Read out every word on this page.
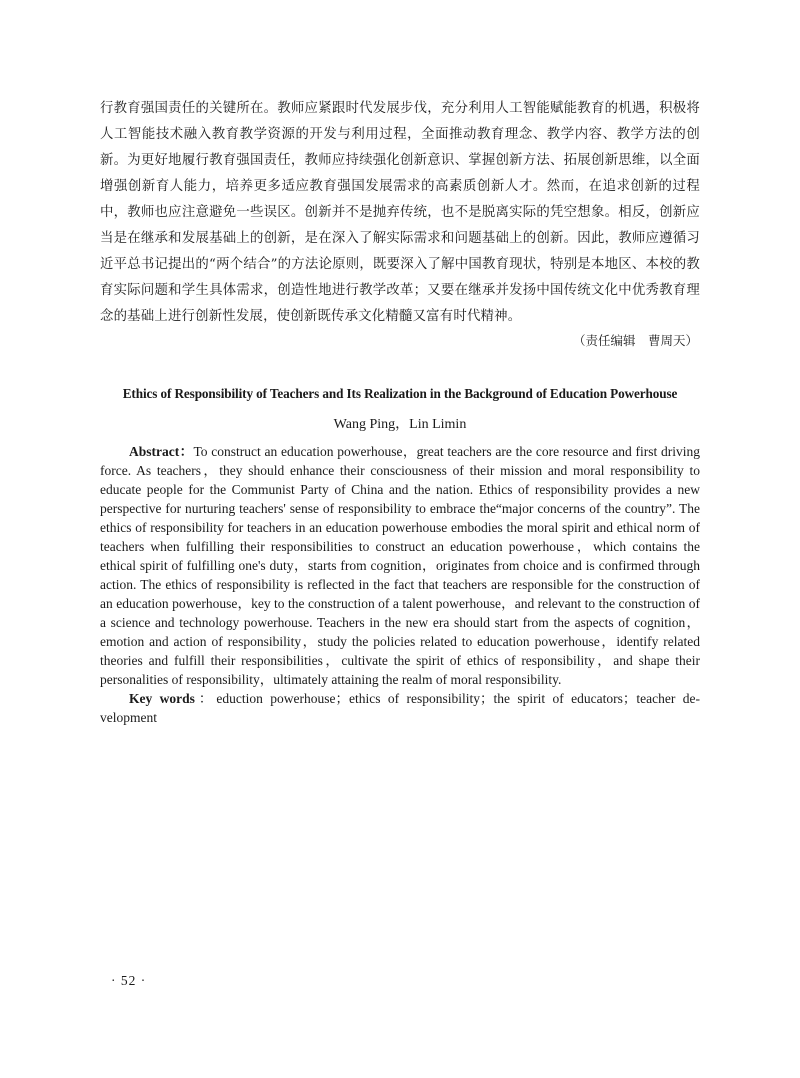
行教育强国责任的关键所在。教师应紧跟时代发展步伐，充分利用人工智能赋能教育的机遇，积极将人工智能技术融入教育教学资源的开发与利用过程，全面推动教育理念、教学内容、教学方法的创新。为更好地履行教育强国责任，教师应持续强化创新意识、掌握创新方法、拓展创新思维，以全面增强创新育人能力，培养更多适应教育强国发展需求的高素质创新人才。然而，在追求创新的过程中，教师也应注意避免一些误区。创新并不是抛弃传统，也不是脱离实际的凭空想象。相反，创新应当是在继承和发展基础上的创新，是在深入了解实际需求和问题基础上的创新。因此，教师应遵循习近平总书记提出的“两个结合”的方法论原则，既要深入了解中国教育现状，特别是本地区、本校的教育实际问题和学生具体需求，创造性地进行教学改革；又要在继承并发扬中国传统文化中优秀教育理念的基础上进行创新性发展，使创新既传承文化精髓又富有时代精神。

（责任编辑　曹周天）

Ethics of Responsibility of Teachers and Its Realization in the Background of Education Powerhouse

Wang Ping，Lin Limin

Abstract：To construct an education powerhouse，great teachers are the core resource and first driving force. As teachers，they should enhance their consciousness of their mission and moral responsibility to educate people for the Communist Party of China and the nation. Ethics of responsibility provides a new perspective for nurturing teachers' sense of responsibility to embrace the“major concerns of the country”. The ethics of responsibility for teachers in an education powerhouse embodies the moral spirit and ethical norm of teachers when fulfilling their responsibilities to construct an education powerhouse，which contains the ethical spirit of fulfilling one's duty，starts from cognition，originates from choice and is confirmed through action. The ethics of responsibility is reflected in the fact that teachers are responsible for the construction of an education powerhouse，key to the construction of a talent powerhouse，and relevant to the construction of a science and technology powerhouse. Teachers in the new era should start from the aspects of cognition，emotion and action of responsibility，study the policies related to education powerhouse，identify related theories and fulfill their responsibilities，cultivate the spirit of ethics of responsibility，and shape their personalities of responsibility，ultimately attaining the realm of moral responsibility.

Key words：eduction powerhouse；ethics of responsibility；the spirit of educators；teacher de-velopment

· 52 ·
